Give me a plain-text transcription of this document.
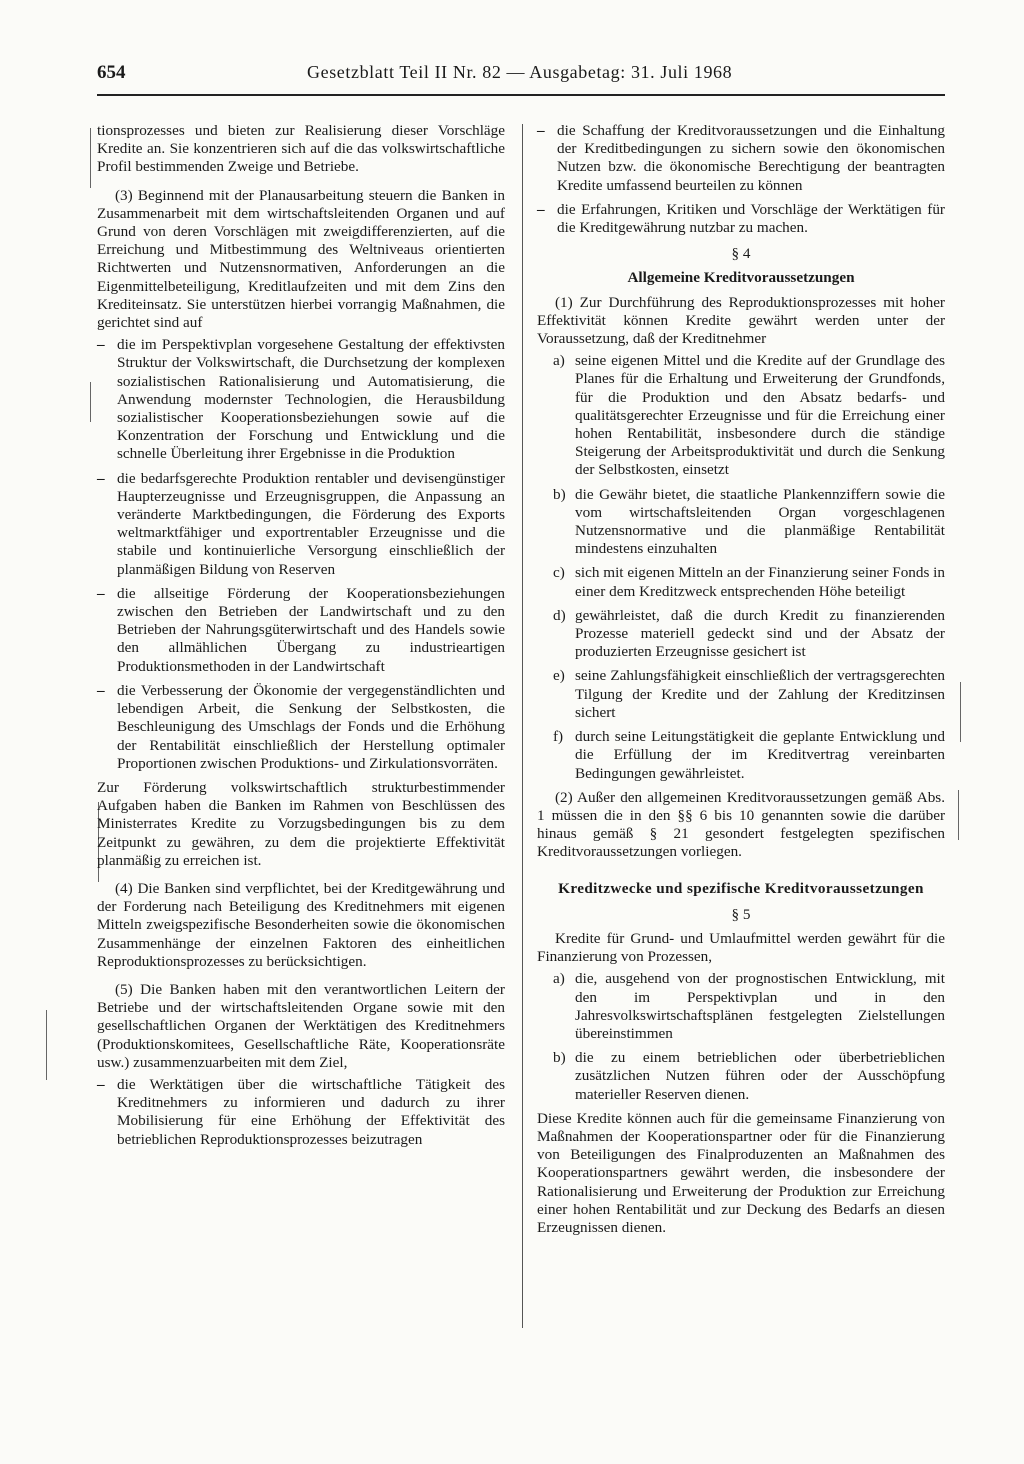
654	Gesetzblatt Teil II Nr. 82 — Ausgabetag: 31. Juli 1968

tionsprozesses und bieten zur Realisierung dieser Vorschläge Kredite an. Sie konzentrieren sich auf die das volkswirtschaftliche Profil bestimmenden Zweige und Betriebe.

(3) Beginnend mit der Planausarbeitung steuern die Banken in Zusammenarbeit mit dem wirtschaftsleitenden Organen und auf Grund von deren Vorschlägen mit zweigdifferenzierten, auf die Erreichung und Mitbestimmung des Weltniveaus orientierten Richtwerten und Nutzensnormativen, Anforderungen an die Eigenmittelbeteiligung, Kreditlaufzeiten und mit dem Zins den Krediteinsatz. Sie unterstützen hierbei vorrangig Maßnahmen, die gerichtet sind auf

– die im Perspektivplan vorgesehene Gestaltung der effektivsten Struktur der Volkswirtschaft, die Durchsetzung der komplexen sozialistischen Rationalisierung und Automatisierung, die Anwendung modernster Technologien, die Herausbildung sozialistischer Kooperationsbeziehungen sowie auf die Konzentration der Forschung und Entwicklung und die schnelle Überleitung ihrer Ergebnisse in die Produktion
– die bedarfsgerechte Produktion rentabler und devisengünstiger Haupterzeugnisse und Erzeugnisgruppen, die Anpassung an veränderte Marktbedingungen, die Förderung des Exports weltmarktfähiger und exportrentabler Erzeugnisse und die stabile und kontinuierliche Versorgung einschließlich der planmäßigen Bildung von Reserven
– die allseitige Förderung der Kooperationsbeziehungen zwischen den Betrieben der Landwirtschaft und zu den Betrieben der Nahrungsgüterwirtschaft und des Handels sowie den allmählichen Übergang zu industrieartigen Produktionsmethoden in der Landwirtschaft
– die Verbesserung der Ökonomie der vergegenständlichten und lebendigen Arbeit, die Senkung der Selbstkosten, die Beschleunigung des Umschlags der Fonds und die Erhöhung der Rentabilität einschließlich der Herstellung optimaler Proportionen zwischen Produktions- und Zirkulationsvorräten.

Zur Förderung volkswirtschaftlich strukturbestimmender Aufgaben haben die Banken im Rahmen von Beschlüssen des Ministerrates Kredite zu Vorzugsbedingungen bis zu dem Zeitpunkt zu gewähren, zu dem die projektierte Effektivität planmäßig zu erreichen ist.

(4) Die Banken sind verpflichtet, bei der Kreditgewährung und der Forderung nach Beteiligung des Kreditnehmers mit eigenen Mitteln zweigspezifische Besonderheiten sowie die ökonomischen Zusammenhänge der einzelnen Faktoren des einheitlichen Reproduktionsprozesses zu berücksichtigen.

(5) Die Banken haben mit den verantwortlichen Leitern der Betriebe und der wirtschaftsleitenden Organe sowie mit den gesellschaftlichen Organen der Werktätigen des Kreditnehmers (Produktionskomitees, Gesellschaftliche Räte, Kooperationsräte usw.) zusammenzuarbeiten mit dem Ziel,

– die Werktätigen über die wirtschaftliche Tätigkeit des Kreditnehmers zu informieren und dadurch zu ihrer Mobilisierung für eine Erhöhung der Effektivität des betrieblichen Reproduktionsprozesses beizutragen
– die Schaffung der Kreditvoraussetzungen und die Einhaltung der Kreditbedingungen zu sichern sowie den ökonomischen Nutzen bzw. die ökonomische Berechtigung der beantragten Kredite umfassend beurteilen zu können
– die Erfahrungen, Kritiken und Vorschläge der Werktätigen für die Kreditgewährung nutzbar zu machen.

§ 4

Allgemeine Kreditvoraussetzungen

(1) Zur Durchführung des Reproduktionsprozesses mit hoher Effektivität können Kredite gewährt werden unter der Voraussetzung, daß der Kreditnehmer

a) seine eigenen Mittel und die Kredite auf der Grundlage des Planes für die Erhaltung und Erweiterung der Grundfonds, für die Produktion und den Absatz bedarfs- und qualitätsgerechter Erzeugnisse und für die Erreichung einer hohen Rentabilität, insbesondere durch die ständige Steigerung der Arbeitsproduktivität und durch die Senkung der Selbstkosten, einsetzt
b) die Gewähr bietet, die staatliche Plankennziffern sowie die vom wirtschaftsleitenden Organ vorgeschlagenen Nutzensnormative und die planmäßige Rentabilität mindestens einzuhalten
c) sich mit eigenen Mitteln an der Finanzierung seiner Fonds in einer dem Kreditzweck entsprechenden Höhe beteiligt
d) gewährleistet, daß die durch Kredit zu finanzierenden Prozesse materiell gedeckt sind und der Absatz der produzierten Erzeugnisse gesichert ist
e) seine Zahlungsfähigkeit einschließlich der vertragsgerechten Tilgung der Kredite und der Zahlung der Kreditzinsen sichert
f) durch seine Leitungstätigkeit die geplante Entwicklung und die Erfüllung der im Kreditvertrag vereinbarten Bedingungen gewährleistet.

(2) Außer den allgemeinen Kreditvoraussetzungen gemäß Abs. 1 müssen die in den §§ 6 bis 10 genannten sowie die darüber hinaus gemäß § 21 gesondert festgelegten spezifischen Kreditvoraussetzungen vorliegen.

Kreditzwecke und spezifische Kreditvoraussetzungen

§ 5

Kredite für Grund- und Umlaufmittel werden gewährt für die Finanzierung von Prozessen,

a) die, ausgehend von der prognostischen Entwicklung, mit den im Perspektivplan und in den Jahresvolkswirtschaftsplänen festgelegten Zielstellungen übereinstimmen
b) die zu einem betrieblichen oder überbetrieblichen zusätzlichen Nutzen führen oder der Ausschöpfung materieller Reserven dienen.

Diese Kredite können auch für die gemeinsame Finanzierung von Maßnahmen der Kooperationspartner oder für die Finanzierung von Beteiligungen des Finalproduzenten an Maßnahmen des Kooperationspartners gewährt werden, die insbesondere der Rationalisierung und Erweiterung der Produktion zur Erreichung einer hohen Rentabilität und zur Deckung des Bedarfs an diesen Erzeugnissen dienen.
